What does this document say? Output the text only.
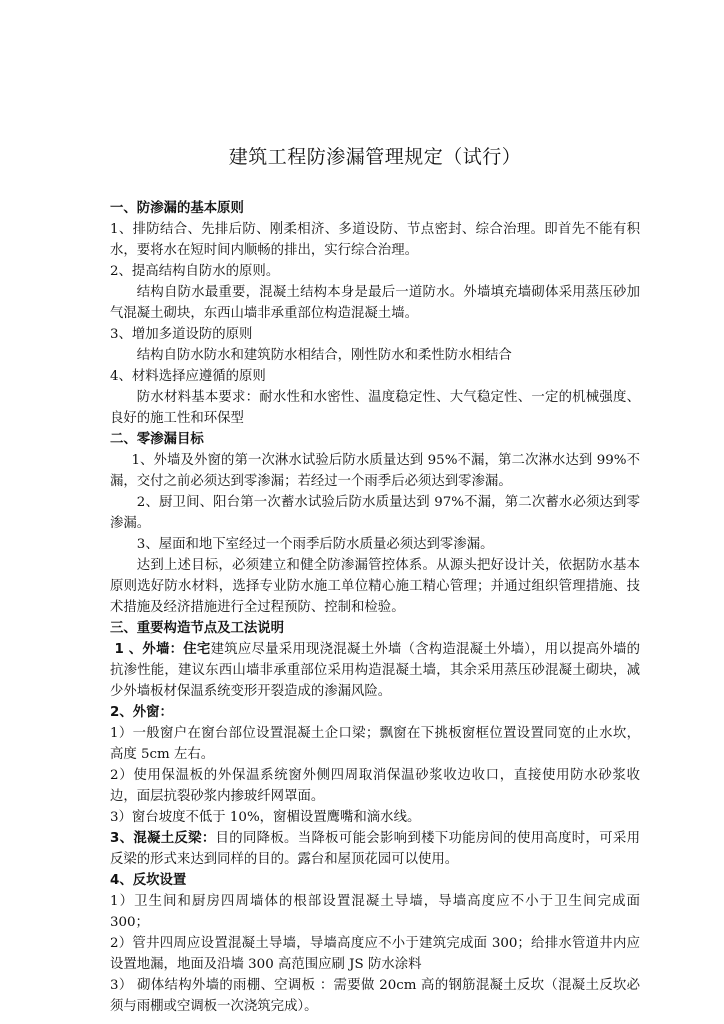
建筑工程防渗漏管理规定（试行）

一、防渗漏的基本原则

1、排防结合、先排后防、刚柔相济、多道设防、节点密封、综合治理。即首先不能有积水，要将水在短时间内顺畅的排出，实行综合治理。

2、提高结构自防水的原则。

结构自防水最重要，混凝土结构本身是最后一道防水。外墙填充墙砌体采用蒸压砂加气混凝土砌块，东西山墙非承重部位构造混凝土墙。

3、增加多道设防的原则

结构自防水防水和建筑防水相结合，刚性防水和柔性防水相结合

4、材料选择应遵循的原则

防水材料基本要求：耐水性和水密性、温度稳定性、大气稳定性、一定的机械强度、良好的施工性和环保型

二、零渗漏目标

1、外墙及外窗的第一次淋水试验后防水质量达到 95%不漏，第二次淋水达到 99%不漏，交付之前必须达到零渗漏；若经过一个雨季后必须达到零渗漏。

2、厨卫间、阳台第一次蓄水试验后防水质量达到 97%不漏，第二次蓄水必须达到零渗漏。

3、屋面和地下室经过一个雨季后防水质量必须达到零渗漏。

达到上述目标，必须建立和健全防渗漏管控体系。从源头把好设计关，依据防水基本原则选好防水材料，选择专业防水施工单位精心施工精心管理；并通过组织管理措施、技术措施及经济措施进行全过程预防、控制和检验。

三、重要构造节点及工法说明

1 、外墙：住宅建筑应尽量采用现浇混凝土外墙（含构造混凝土外墙），用以提高外墙的抗渗性能，建议东西山墙非承重部位采用构造混凝土墙，其余采用蒸压砂混凝土砌块，减少外墙板材保温系统变形开裂造成的渗漏风险。

2、外窗：

1）一般窗户在窗台部位设置混凝土企口梁；飘窗在下挑板窗框位置设置同宽的止水坎，高度 5cm 左右。

2）使用保温板的外保温系统窗外侧四周取消保温砂浆收边收口，直接使用防水砂浆收边，面层抗裂砂浆内掺玻纤网罩面。

3）窗台坡度不低于 10%，窗楣设置鹰嘴和滴水线。

3、混凝土反梁：目的同降板。当降板可能会影响到楼下功能房间的使用高度时，可采用反梁的形式来达到同样的目的。露台和屋顶花园可以使用。

4、反坎设置

1）卫生间和厨房四周墙体的根部设置混凝土导墙，导墙高度应不小于卫生间完成面 300；

2）管井四周应设置混凝土导墙，导墙高度应不小于建筑完成面 300；给排水管道井内应设置地漏，地面及沿墙 300 高范围应刷 JS 防水涂料

3） 砌体结构外墙的雨棚、空调板 ：需要做 20cm 高的钢筋混凝土反坎（混凝土反坎必须与雨棚或空调板一次浇筑完成）。
